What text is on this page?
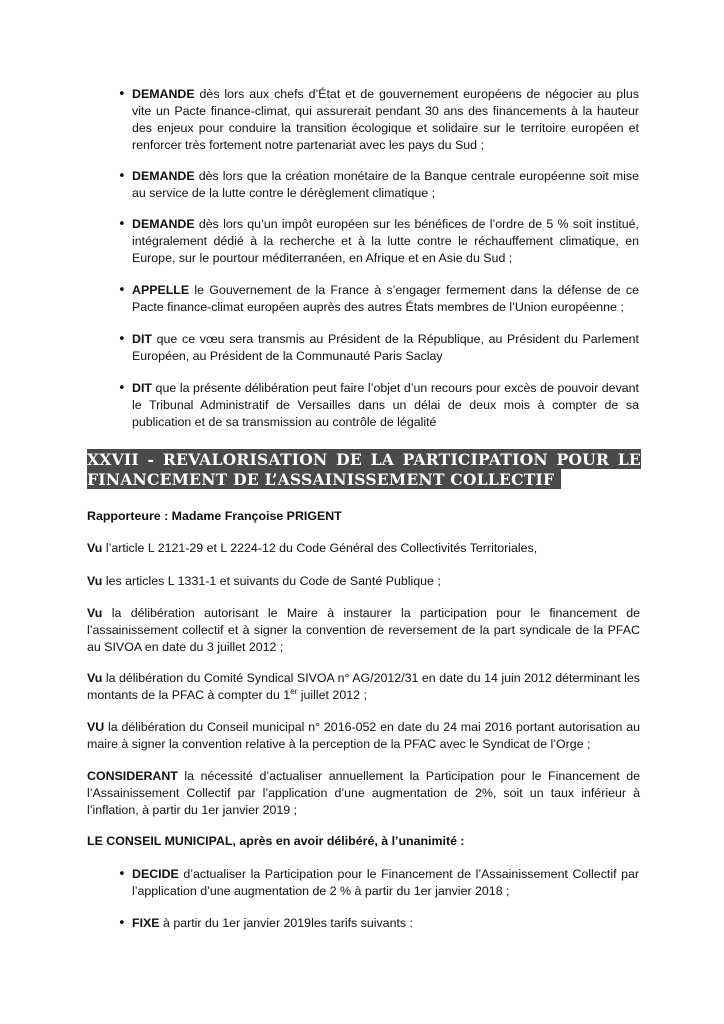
• DEMANDE dès lors aux chefs d’État et de gouvernement européens de négocier au plus vite un Pacte finance-climat, qui assurerait pendant 30 ans des financements à la hauteur des enjeux pour conduire la transition écologique et solidaire sur le territoire européen et renforcer très fortement notre partenariat avec les pays du Sud ;
• DEMANDE dès lors que la création monétaire de la Banque centrale européenne soit mise au service de la lutte contre le dérèglement climatique ;
• DEMANDE dès lors qu’un impôt européen sur les bénéfices de l’ordre de 5 % soit institué, intégralement dédié à la recherche et à la lutte contre le réchauffement climatique, en Europe, sur le pourtour méditerranéen, en Afrique et en Asie du Sud ;
• APPELLE le Gouvernement de la France à s’engager fermement dans la défense de ce Pacte finance-climat européen auprès des autres États membres de l’Union européenne ;
• DIT que ce vœu sera transmis au Président de la République, au Président du Parlement Européen, au Président de la Communauté Paris Saclay
• DIT que la présente délibération peut faire l’objet d’un recours pour excès de pouvoir devant le Tribunal Administratif de Versailles dans un délai de deux mois à compter de sa publication et de sa transmission au contrôle de légalité
XXVII - REVALORISATION DE LA PARTICIPATION POUR LE
FINANCEMENT DE L’ASSAINISSEMENT COLLECTIF (PFAC)
Rapporteure : Madame Françoise PRIGENT
Vu l’article L 2121-29 et L 2224-12 du Code Général des Collectivités Territoriales,
Vu les articles L 1331-1 et suivants du Code de Santé Publique ;
Vu la délibération autorisant le Maire à instaurer la participation pour le financement de l’assainissement collectif et à signer la convention de reversement de la part syndicale de la PFAC au SIVOA en date du 3 juillet 2012 ;
Vu la délibération du Comité Syndical SIVOA n° AG/2012/31 en date du 14 juin 2012 déterminant les montants de la PFAC à compter du 1er juillet 2012 ;
VU la délibération du Conseil municipal n° 2016-052 en date du 24 mai 2016 portant autorisation au maire à signer la convention relative à la perception de la PFAC avec le Syndicat de l’Orge ;
CONSIDERANT la nécessité d’actualiser annuellement la Participation pour le Financement de l’Assainissement Collectif par l’application d’une augmentation de 2%, soit un taux inférieur à l’inflation, à partir du 1er janvier 2019 ;
LE CONSEIL MUNICIPAL, après en avoir délibéré, à l’unanimité :
• DECIDE d’actualiser la Participation pour le Financement de l’Assainissement Collectif par l’application d’une augmentation de 2 % à partir du 1er janvier 2018 ;
• FIXE à partir du 1er janvier 2019les tarifs suivants :
